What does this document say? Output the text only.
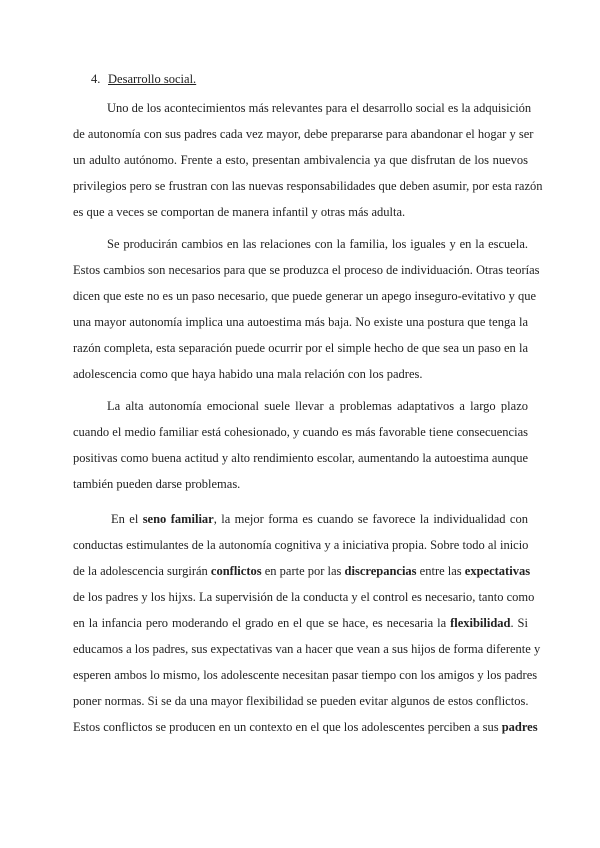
4. Desarrollo social.
Uno de los acontecimientos más relevantes para el desarrollo social es la adquisición
de autonomía con sus padres cada vez mayor, debe prepararse para abandonar el hogar y ser
un adulto autónomo. Frente a esto, presentan ambivalencia ya que disfrutan de los nuevos
privilegios pero se frustran con las nuevas responsabilidades que deben asumir, por esta razón
es que a veces se comportan de manera infantil y otras más adulta.
Se producirán cambios en las relaciones con la familia, los iguales y en la escuela.
Estos cambios son necesarios para que se produzca el proceso de individuación. Otras teorías
dicen que este no es un paso necesario, que puede generar un apego inseguro-evitativo y que
una mayor autonomía implica una autoestima más baja. No existe una postura que tenga la
razón completa, esta separación puede ocurrir por el simple hecho de que sea un paso en la
adolescencia como que haya habido una mala relación con los padres.
La alta autonomía emocional suele llevar a problemas adaptativos a largo plazo
cuando el medio familiar está cohesionado, y cuando es más favorable tiene consecuencias
positivas como buena actitud y alto rendimiento escolar, aumentando la autoestima aunque
también pueden darse problemas.
En el seno familiar, la mejor forma es cuando se favorece la individualidad con
conductas estimulantes de la autonomía cognitiva y a iniciativa propia. Sobre todo al inicio
de la adolescencia surgirán conflictos en parte por las discrepancias entre las expectativas
de los padres y los hijxs. La supervisión de la conducta y el control es necesario, tanto como
en la infancia pero moderando el grado en el que se hace, es necesaria la flexibilidad. Si
educamos a los padres, sus expectativas van a hacer que vean a sus hijos de forma diferente y
esperen ambos lo mismo, los adolescente necesitan pasar tiempo con los amigos y los padres
poner normas. Si se da una mayor flexibilidad se pueden evitar algunos de estos conflictos.
Estos conflictos se producen en un contexto en el que los adolescentes perciben a sus padres
